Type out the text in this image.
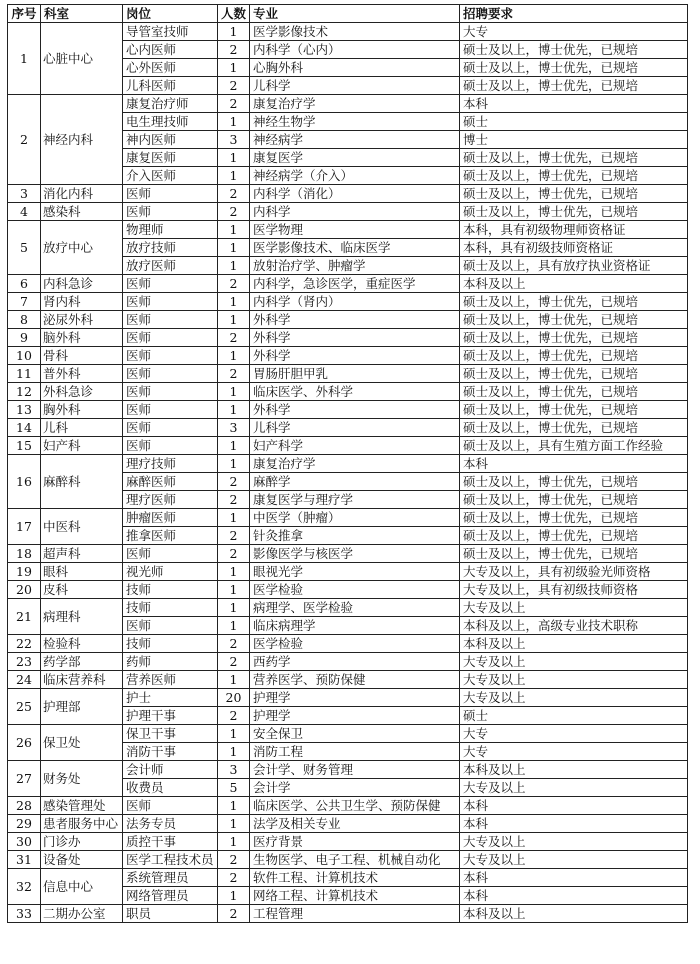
序号	科室	岗位	人数	专业	招聘要求
1	心脏中心	导管室技师	1	医学影像技术	大专
		心内医师	2	内科学（心内）	硕士及以上，博士优先，已规培
		心外医师	1	心胸外科	硕士及以上，博士优先，已规培
		儿科医师	2	儿科学	硕士及以上，博士优先，已规培
2	神经内科	康复治疗师	2	康复治疗学	本科
		电生理技师	1	神经生物学	硕士
		神内医师	3	神经病学	博士
		康复医师	1	康复医学	硕士及以上，博士优先，已规培
		介入医师	1	神经病学（介入）	硕士及以上，博士优先，已规培
3	消化内科	医师	2	内科学（消化）	硕士及以上，博士优先，已规培
4	感染科	医师	2	内科学	硕士及以上，博士优先，已规培
5	放疗中心	物理师	1	医学物理	本科，具有初级物理师资格证
		放疗技师	1	医学影像技术、临床医学	本科，具有初级技师资格证
		放疗医师	1	放射治疗学、肿瘤学	硕士及以上，具有放疗执业资格证
6	内科急诊	医师	2	内科学，急诊医学，重症医学	本科及以上
7	肾内科	医师	1	内科学（肾内）	硕士及以上，博士优先，已规培
8	泌尿外科	医师	1	外科学	硕士及以上，博士优先，已规培
9	脑外科	医师	2	外科学	硕士及以上，博士优先，已规培
10	骨科	医师	1	外科学	硕士及以上，博士优先，已规培
11	普外科	医师	2	胃肠肝胆甲乳	硕士及以上，博士优先，已规培
12	外科急诊	医师	1	临床医学、外科学	硕士及以上，博士优先，已规培
13	胸外科	医师	1	外科学	硕士及以上，博士优先，已规培
14	儿科	医师	3	儿科学	硕士及以上，博士优先，已规培
15	妇产科	医师	1	妇产科学	硕士及以上，具有生殖方面工作经验
16	麻醉科	理疗技师	1	康复治疗学	本科
		麻醉医师	2	麻醉学	硕士及以上，博士优先，已规培
		理疗医师	2	康复医学与理疗学	硕士及以上，博士优先，已规培
17	中医科	肿瘤医师	1	中医学（肿瘤）	硕士及以上，博士优先，已规培
		推拿医师	2	针灸推拿	硕士及以上，博士优先，已规培
18	超声科	医师	2	影像医学与核医学	硕士及以上，博士优先，已规培
19	眼科	视光师	1	眼视光学	大专及以上，具有初级验光师资格
20	皮科	技师	1	医学检验	大专及以上，具有初级技师资格
21	病理科	技师	1	病理学、医学检验	大专及以上
		医师	1	临床病理学	本科及以上，高级专业技术职称
22	检验科	技师	2	医学检验	本科及以上
23	药学部	药师	2	西药学	大专及以上
24	临床营养科	营养医师	1	营养医学、预防保健	大专及以上
25	护理部	护士	20	护理学	大专及以上
		护理干事	2	护理学	硕士
26	保卫处	保卫干事	1	安全保卫	大专
		消防干事	1	消防工程	大专
27	财务处	会计师	3	会计学、财务管理	本科及以上
		收费员	5	会计学	大专及以上
28	感染管理处	医师	1	临床医学、公共卫生学、预防保健	本科
29	患者服务中心	法务专员	1	法学及相关专业	本科
30	门诊办	质控干事	1	医疗背景	大专及以上
31	设备处	医学工程技术员	2	生物医学、电子工程、机械自动化	大专及以上
32	信息中心	系统管理员	2	软件工程、计算机技术	本科
		网络管理员	1	网络工程、计算机技术	本科
33	二期办公室	职员	2	工程管理	本科及以上
